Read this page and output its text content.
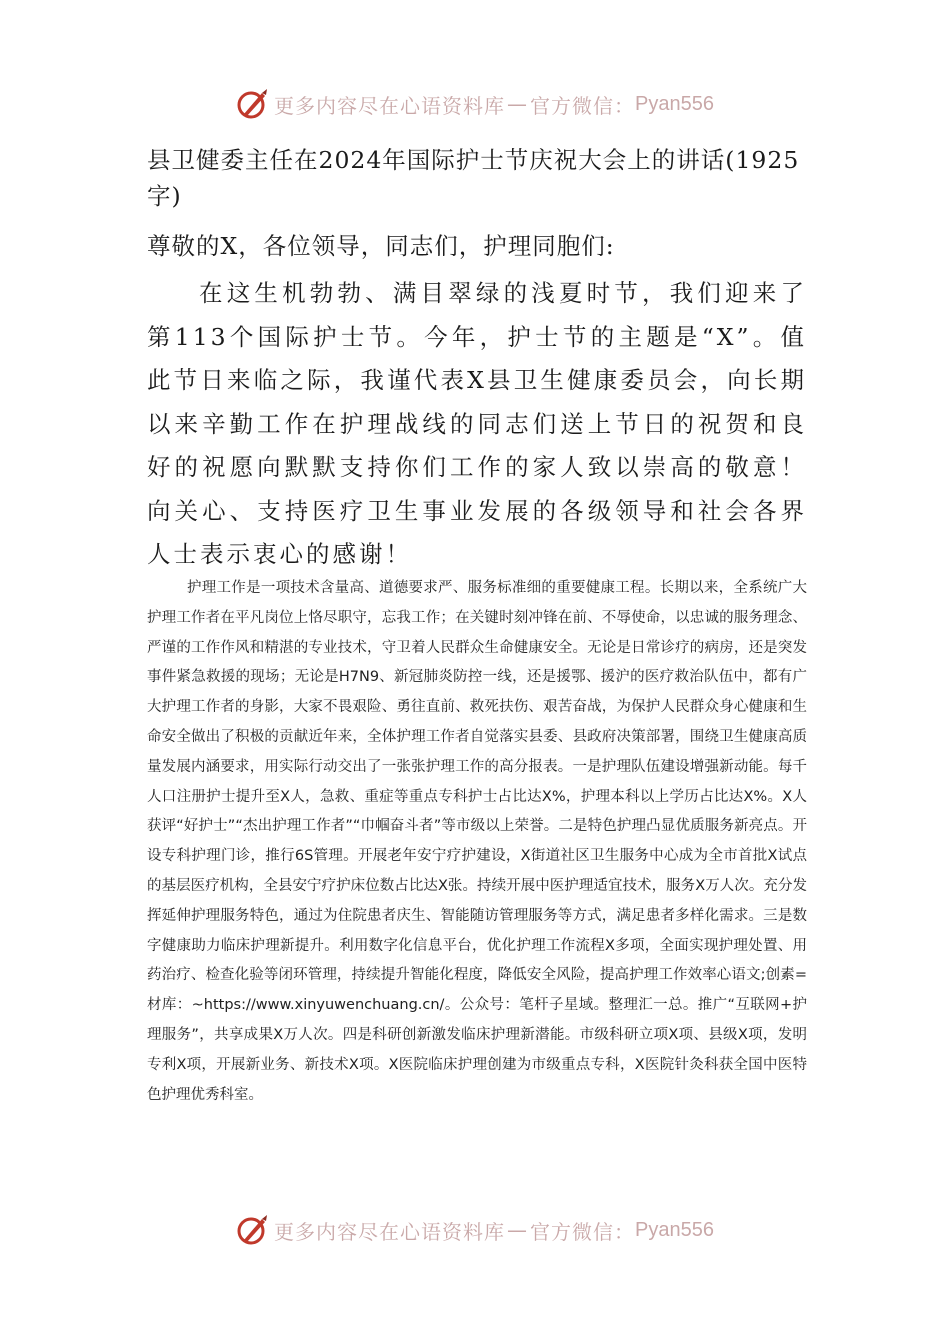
更多内容尽在心语资料库 — 官方微信： Pyan556
县卫健委主任在2024年国际护士节庆祝大会上的讲话(1925字)

尊敬的X，各位领导，同志们，护理同胞们:

在这生机勃勃、满目翠绿的浅夏时节，我们迎来了第113个国际护士节。今年，护士节的主题是“X”。值此节日来临之际，我谨代表X县卫生健康委员会，向长期以来辛勤工作在护理战线的同志们送上节日的祝贺和良好的祝愿向默默支持你们工作的家人致以崇高的敬意！向关心、支持医疗卫生事业发展的各级领导和社会各界人士表示衷心的感谢！

护理工作是一项技术含量高、道德要求严、服务标准细的重要健康工程。长期以来，全系统广大护理工作者在平凡岗位上恪尽职守，忘我工作；在关键时刻冲锋在前、不辱使命，以忠诚的服务理念、严谨的工作作风和精湛的专业技术，守卫着人民群众生命健康安全。无论是日常诊疗的病房，还是突发事件紧急救援的现场；无论是H7N9、新冠肺炎防控一线，还是援鄂、援沪的医疗救治队伍中，都有广大护理工作者的身影，大家不畏艰险、勇往直前、救死扶伤、艰苦奋战，为保护人民群众身心健康和生命安全做出了积极的贡献近年来，全体护理工作者自觉落实县委、县政府决策部署，围绕卫生健康高质量发展内涵要求，用实际行动交出了一张张护理工作的高分报表。一是护理队伍建设增强新动能。每千人口注册护士提升至X人，急救、重症等重点专科护士占比达X%，护理本科以上学历占比达X%。X人获评“好护士”“杰出护理工作者”“巾帼奋斗者”等市级以上荣誉。二是特色护理凸显优质服务新亮点。开设专科护理门诊，推行6S管理。开展老年安宁疗护建设，X街道社区卫生服务中心成为全市首批X试点的基层医疗机构，全县安宁疗护床位数占比达X张。持续开展中医护理适宜技术，服务X万人次。充分发挥延伸护理服务特色，通过为住院患者庆生、智能随访管理服务等方式，满足患者多样化需求。三是数字健康助力临床护理新提升。利用数字化信息平台，优化护理工作流程X多项，全面实现护理处置、用药治疗、检查化验等闭环管理，持续提升智能化程度，降低安全风险，提高护理工作效率心语文;创素=材库：~https://www.xinyuwenchuang.cn/。公众号：笔杆子星域。整理汇一总。推广“互联网+护理服务”，共享成果X万人次。四是科研创新激发临床护理新潜能。市级科研立项X项、县级X项，发明专利X项，开展新业务、新技术X项。X医院临床护理创建为市级重点专科，X医院针灸科获全国中医特色护理优秀科室。

更多内容尽在心语资料库 — 官方微信： Pyan556
